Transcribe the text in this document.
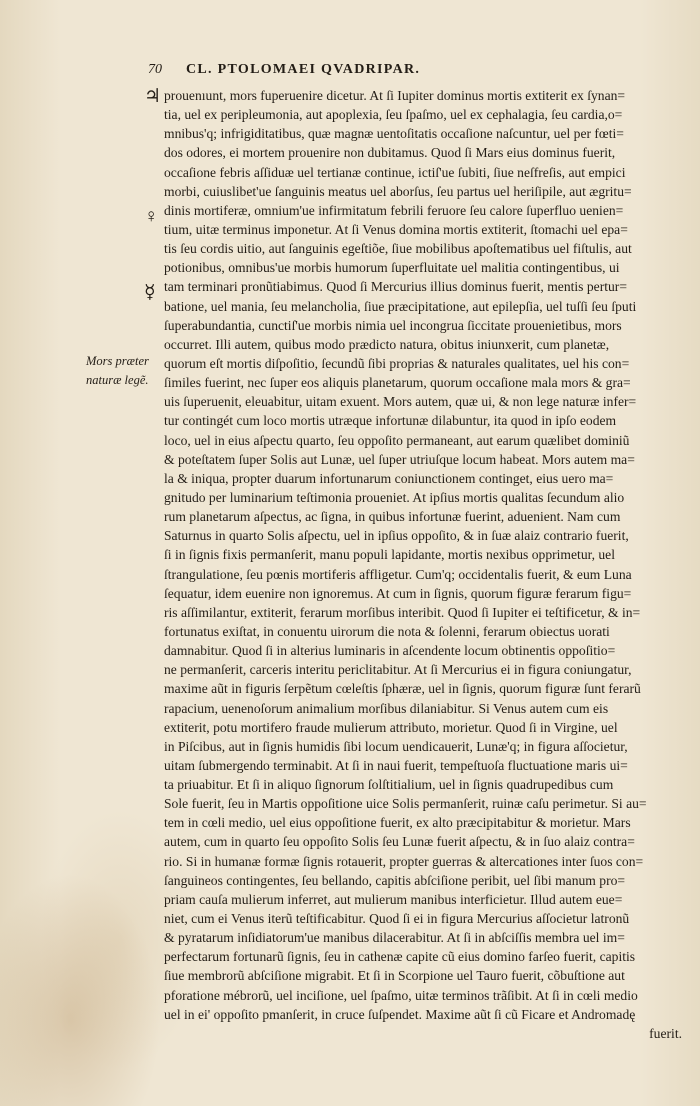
70 CL. PTOLOMAEI QVADRIPAR.
♃
♀
☿
Mors præter
naturæ legẽ.
prouenıunt, mors fuperuenire dicetur. At ſi Iupiter dominus mortis extiterit ex ſynan=
tia, uel ex peripleumonia, aut apoplexia, ſeu ſpaſmo, uel ex cephalagia, ſeu cardia,o=
mnibus'q; infrigiditatibus, quæ magnæ uentoſitatis occaſione naſcuntur, uel per fœti=
dos odores, ei mortem prouenire non dubitamus. Quod ſi Mars eius dominus fuerit,
occaſione febris aſſiduæ uel tertianæ continue, ictiſ'ue ſubiti, ſiue neſfreſis, aut empici
morbi, cuiuslibet'ue ſanguinis meatus uel aborſus, ſeu partus uel heriſipile, aut ægritu=
dinis mortiferæ, omnium'ue infirmitatum febrili feruore ſeu calore ſuperfluo uenien=
tium, uitæ terminus imponetur. At ſi Venus domina mortis extiterit, ſtomachi uel epa=
tis ſeu cordis uitio, aut ſanguinis egeſtiõe, ſiue mobilibus apoſtematibus uel fiſtulis, aut
potionibus, omnibus'ue morbis humorum ſuperfluitate uel malitia contingentibus, ui
tam terminari pronũtiabimus. Quod ſi Mercurius illius dominus fuerit, mentis pertur=
batione, uel mania, ſeu melancholia, ſiue præcipitatione, aut epilepſia, uel tuſſi ſeu ſputi
ſuperabundantia, cunctiſ'ue morbis nimia uel incongrua ſiccitate prouenietibus, mors
occurret. Illi autem, quibus modo prædicto natura, obitus iniunxerit, cum planetæ,
quorum eſt mortis diſpoſitio, ſecundũ ſibi proprias & naturales qualitates, uel his con=
ſimiles fuerint, nec ſuper eos aliquis planetarum, quorum occaſione mala mors & gra=
uis ſuperuenit, eleuabitur, uitam exuent. Mors autem, quæ ui, & non lege naturæ infer=
tur contingét cum loco mortis utræque infortunæ dilabuntur, ita quod in ipſo eodem
loco, uel in eius aſpectu quarto, ſeu oppoſito permaneant, aut earum quælibet dominiũ
& poteſtatem ſuper Solis aut Lunæ, uel ſuper utriuſque locum habeat. Mors autem ma=
la & iniqua, propter duarum infortunarum coniunctionem continget, eius uero ma=
gnitudo per luminarium teſtimonia proueniet. At ipſius mortis qualitas ſecundum alio
rum planetarum aſpectus, ac ſigna, in quibus infortunæ fuerint, aduenient. Nam cum
Saturnus in quarto Solis aſpectu, uel in ipſius oppoſito, & in ſuæ alaiz contrario fuerit,
ſi in ſignis fixis permanſerit, manu populi lapidante, mortis nexibus opprimetur, uel
ſtrangulatione, ſeu pœnis mortiferis affligetur. Cum'q; occidentalis fuerit, & eum Luna
ſequatur, idem euenire non ignoremus. At cum in ſignis, quorum figuræ ferarum figu=
ris aſſimilantur, extiterit, ferarum morſibus interibit. Quod ſi Iupiter ei teſtificetur, & in=
fortunatus exiſtat, in conuentu uirorum die nota & ſolenni, ferarum obiectus uorati
damnabitur. Quod ſi in alterius luminaris in aſcendente locum obtinentis oppoſitio=
ne permanſerit, carceris interitu periclitabitur. At ſi Mercurius ei in figura coniungatur,
maxime aũt in figuris ſerpẽtum cœleſtis ſphæræ, uel in ſignis, quorum figuræ ſunt ferarũ
rapacium, uenenoſorum animalium morſibus dilaniabitur. Si Venus autem cum eis
extiterit, potu mortifero fraude mulierum attributo, morietur. Quod ſi in Virgine, uel
in Piſcibus, aut in ſignis humidis ſibi locum uendicauerit, Lunæ'q; in figura aſſocietur,
uitam ſubmergendo terminabit. At ſi in naui fuerit, tempeſtuoſa fluctuatione maris ui=
ta priuabitur. Et ſi in aliquo ſignorum ſolſtitialium, uel in ſignis quadrupedibus cum
Sole fuerit, ſeu in Martis oppoſitione uice Solis permanſerit, ruinæ caſu perimetur. Si au=
tem in cœli medio, uel eius oppoſitione fuerit, ex alto præcipitabitur & morietur. Mars
autem, cum in quarto ſeu oppoſito Solis ſeu Lunæ fuerit aſpectu, & in ſuo alaiz contra=
rio. Si in humanæ formæ ſignis rotauerit, propter guerras & altercationes inter ſuos con=
ſanguineos contingentes, ſeu bellando, capitis abſciſione peribit, uel ſibi manum pro=
priam cauſa mulierum inferret, aut mulierum manibus interficietur. Illud autem eue=
niet, cum ei Venus iterũ teſtificabitur. Quod ſi ei in figura Mercurius aſſocietur latronũ
& pyratarum inſidiatorum'ue manibus dilacerabitur. At ſi in abſciſſis membra uel im=
perfectarum fortunarũ ſignis, ſeu in cathenæ capite cũ eius domino farſeo fuerit, capitis
ſiue membrorũ abſciſione migrabit. Et ſi in Scorpione uel Tauro fuerit, cõbuſtione aut
pforatione mébrorũ, uel inciſione, uel ſpaſmo, uitæ terminos trãſibit. At ſi in cœli medio
uel in ei' oppoſito pmanſerit, in cruce ſuſpendet. Maxime aũt ſi cũ Ficare et Andromadę
fuerit.
